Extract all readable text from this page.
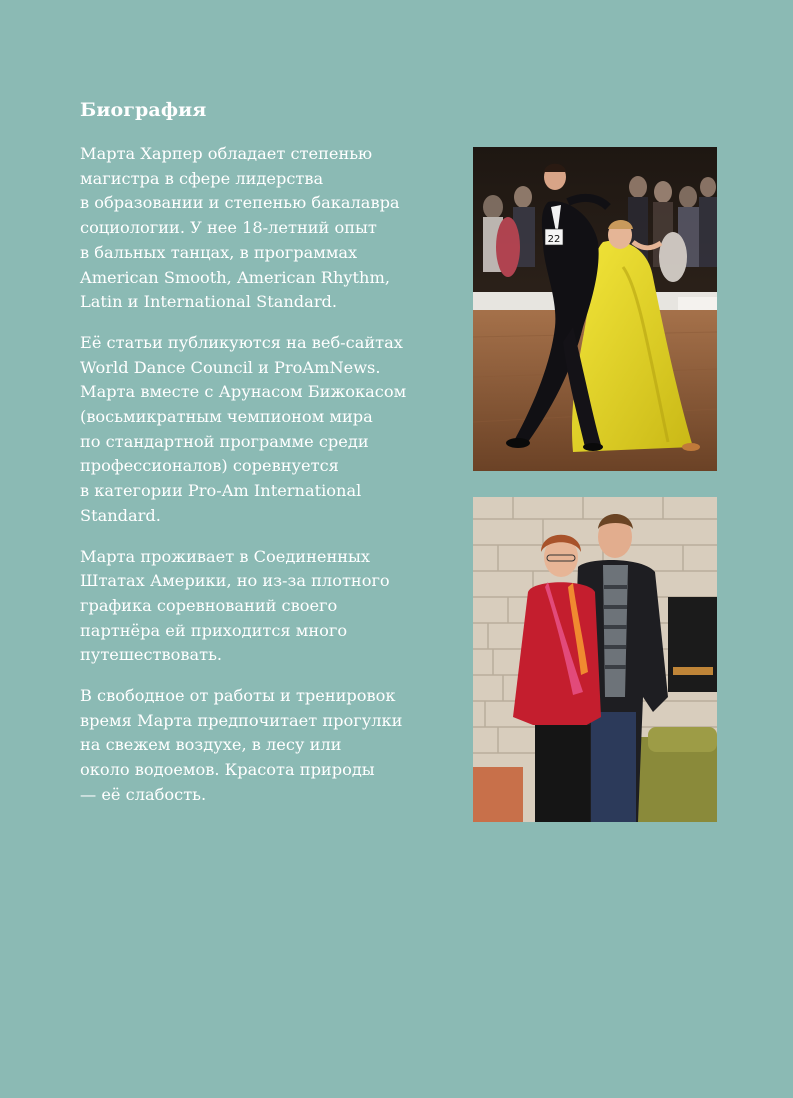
Биография

Марта Харпер обладает степенью
магистра в сфере лидерства
в образовании и степенью бакалавра
социологии. У нее 18-летний опыт
в бальных танцах, в программах
American Smooth, American Rhythm,
Latin и International Standard.

Её статьи публикуются на веб-сайтах
World Dance Council и ProAmNews.
Марта вместе с Арунасом Бижокасом
(восьмикратным чемпионом мира
по стандартной программе среди
профессионалов) соревнуется
в категории Pro-Am International
Standard.

Марта проживает в Соединенных
Штатах Америки, но из-за плотного
графика соревнований своего
партнёра ей приходится много
путешествовать.

В свободное от работы и тренировок
время Марта предпочитает прогулки
на свежем воздухе, в лесу или
около водоемов. Красота природы
— её слабость.

22
